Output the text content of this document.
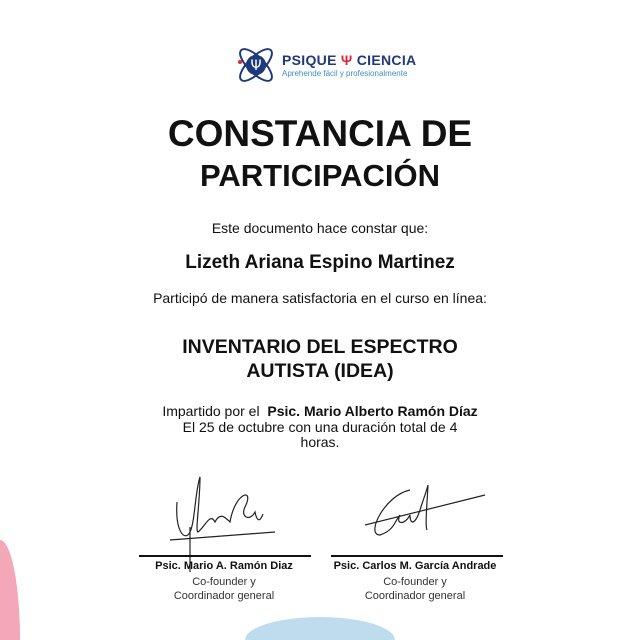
Ψ PSIQUE Ψ CIENCIA
Aprehende fácil y profesionalmente
CONSTANCIA DE
PARTICIPACIÓN
Este documento hace constar que:
Lizeth Ariana Espino Martinez
Participó de manera satisfactoria en el curso en línea:
INVENTARIO DEL ESPECTRO
AUTISTA (IDEA)
Impartido por el Psic. Mario Alberto Ramón Díaz
El 25 de octubre con una duración total de 4
horas.
Psic. Mario A. Ramón Diaz
Co-founder y
Coordinador general
Psic. Carlos M. García Andrade
Co-founder y
Coordinador general
